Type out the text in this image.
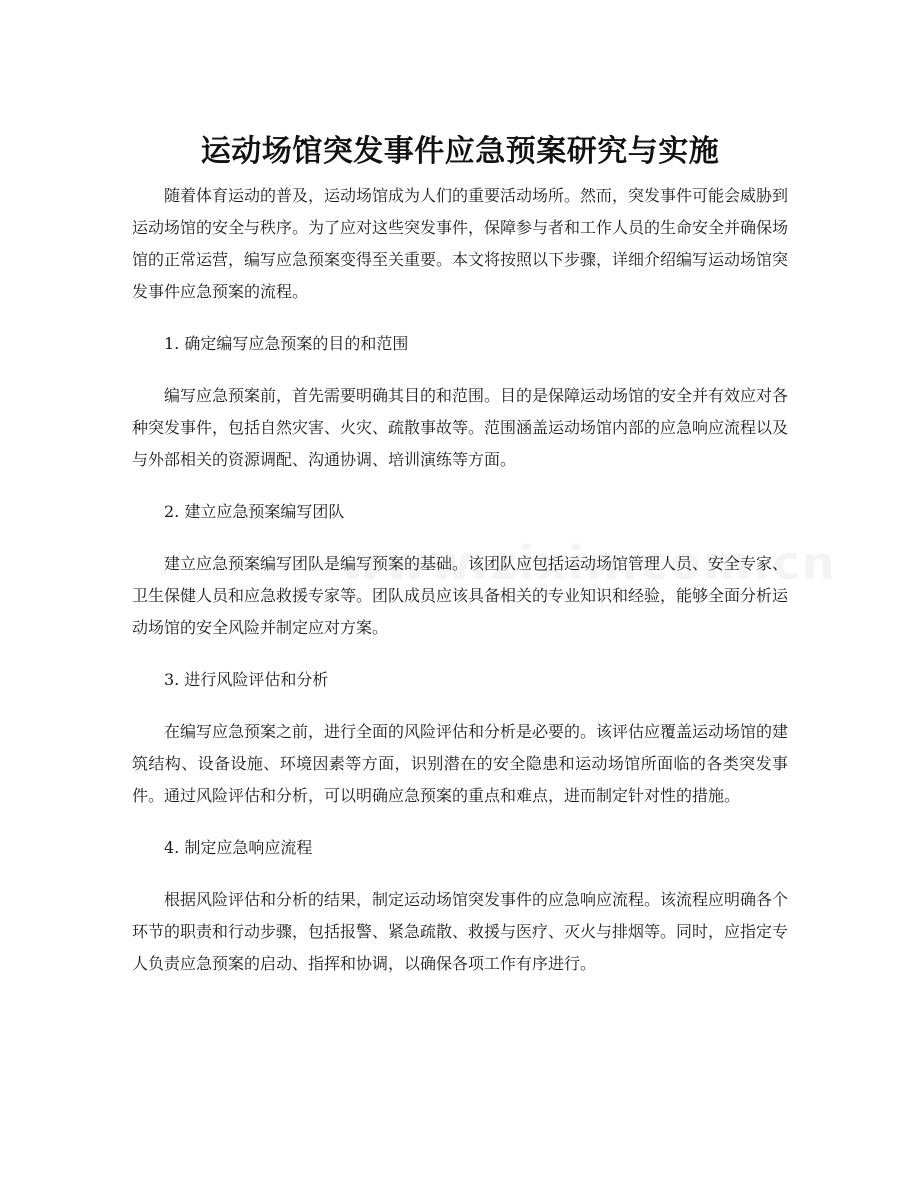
运动场馆突发事件应急预案研究与实施

随着体育运动的普及，运动场馆成为人们的重要活动场所。然而，突发事件可能会威胁到运动场馆的安全与秩序。为了应对这些突发事件，保障参与者和工作人员的生命安全并确保场馆的正常运营，编写应急预案变得至关重要。本文将按照以下步骤，详细介绍编写运动场馆突发事件应急预案的流程。

1. 确定编写应急预案的目的和范围

编写应急预案前，首先需要明确其目的和范围。目的是保障运动场馆的安全并有效应对各种突发事件，包括自然灾害、火灾、疏散事故等。范围涵盖运动场馆内部的应急响应流程以及与外部相关的资源调配、沟通协调、培训演练等方面。

2. 建立应急预案编写团队

建立应急预案编写团队是编写预案的基础。该团队应包括运动场馆管理人员、安全专家、卫生保健人员和应急救援专家等。团队成员应该具备相关的专业知识和经验，能够全面分析运动场馆的安全风险并制定应对方案。

3. 进行风险评估和分析

在编写应急预案之前，进行全面的风险评估和分析是必要的。该评估应覆盖运动场馆的建筑结构、设备设施、环境因素等方面，识别潜在的安全隐患和运动场馆所面临的各类突发事件。通过风险评估和分析，可以明确应急预案的重点和难点，进而制定针对性的措施。

4. 制定应急响应流程

根据风险评估和分析的结果，制定运动场馆突发事件的应急响应流程。该流程应明确各个环节的职责和行动步骤，包括报警、紧急疏散、救援与医疗、灭火与排烟等。同时，应指定专人负责应急预案的启动、指挥和协调，以确保各项工作有序进行。
